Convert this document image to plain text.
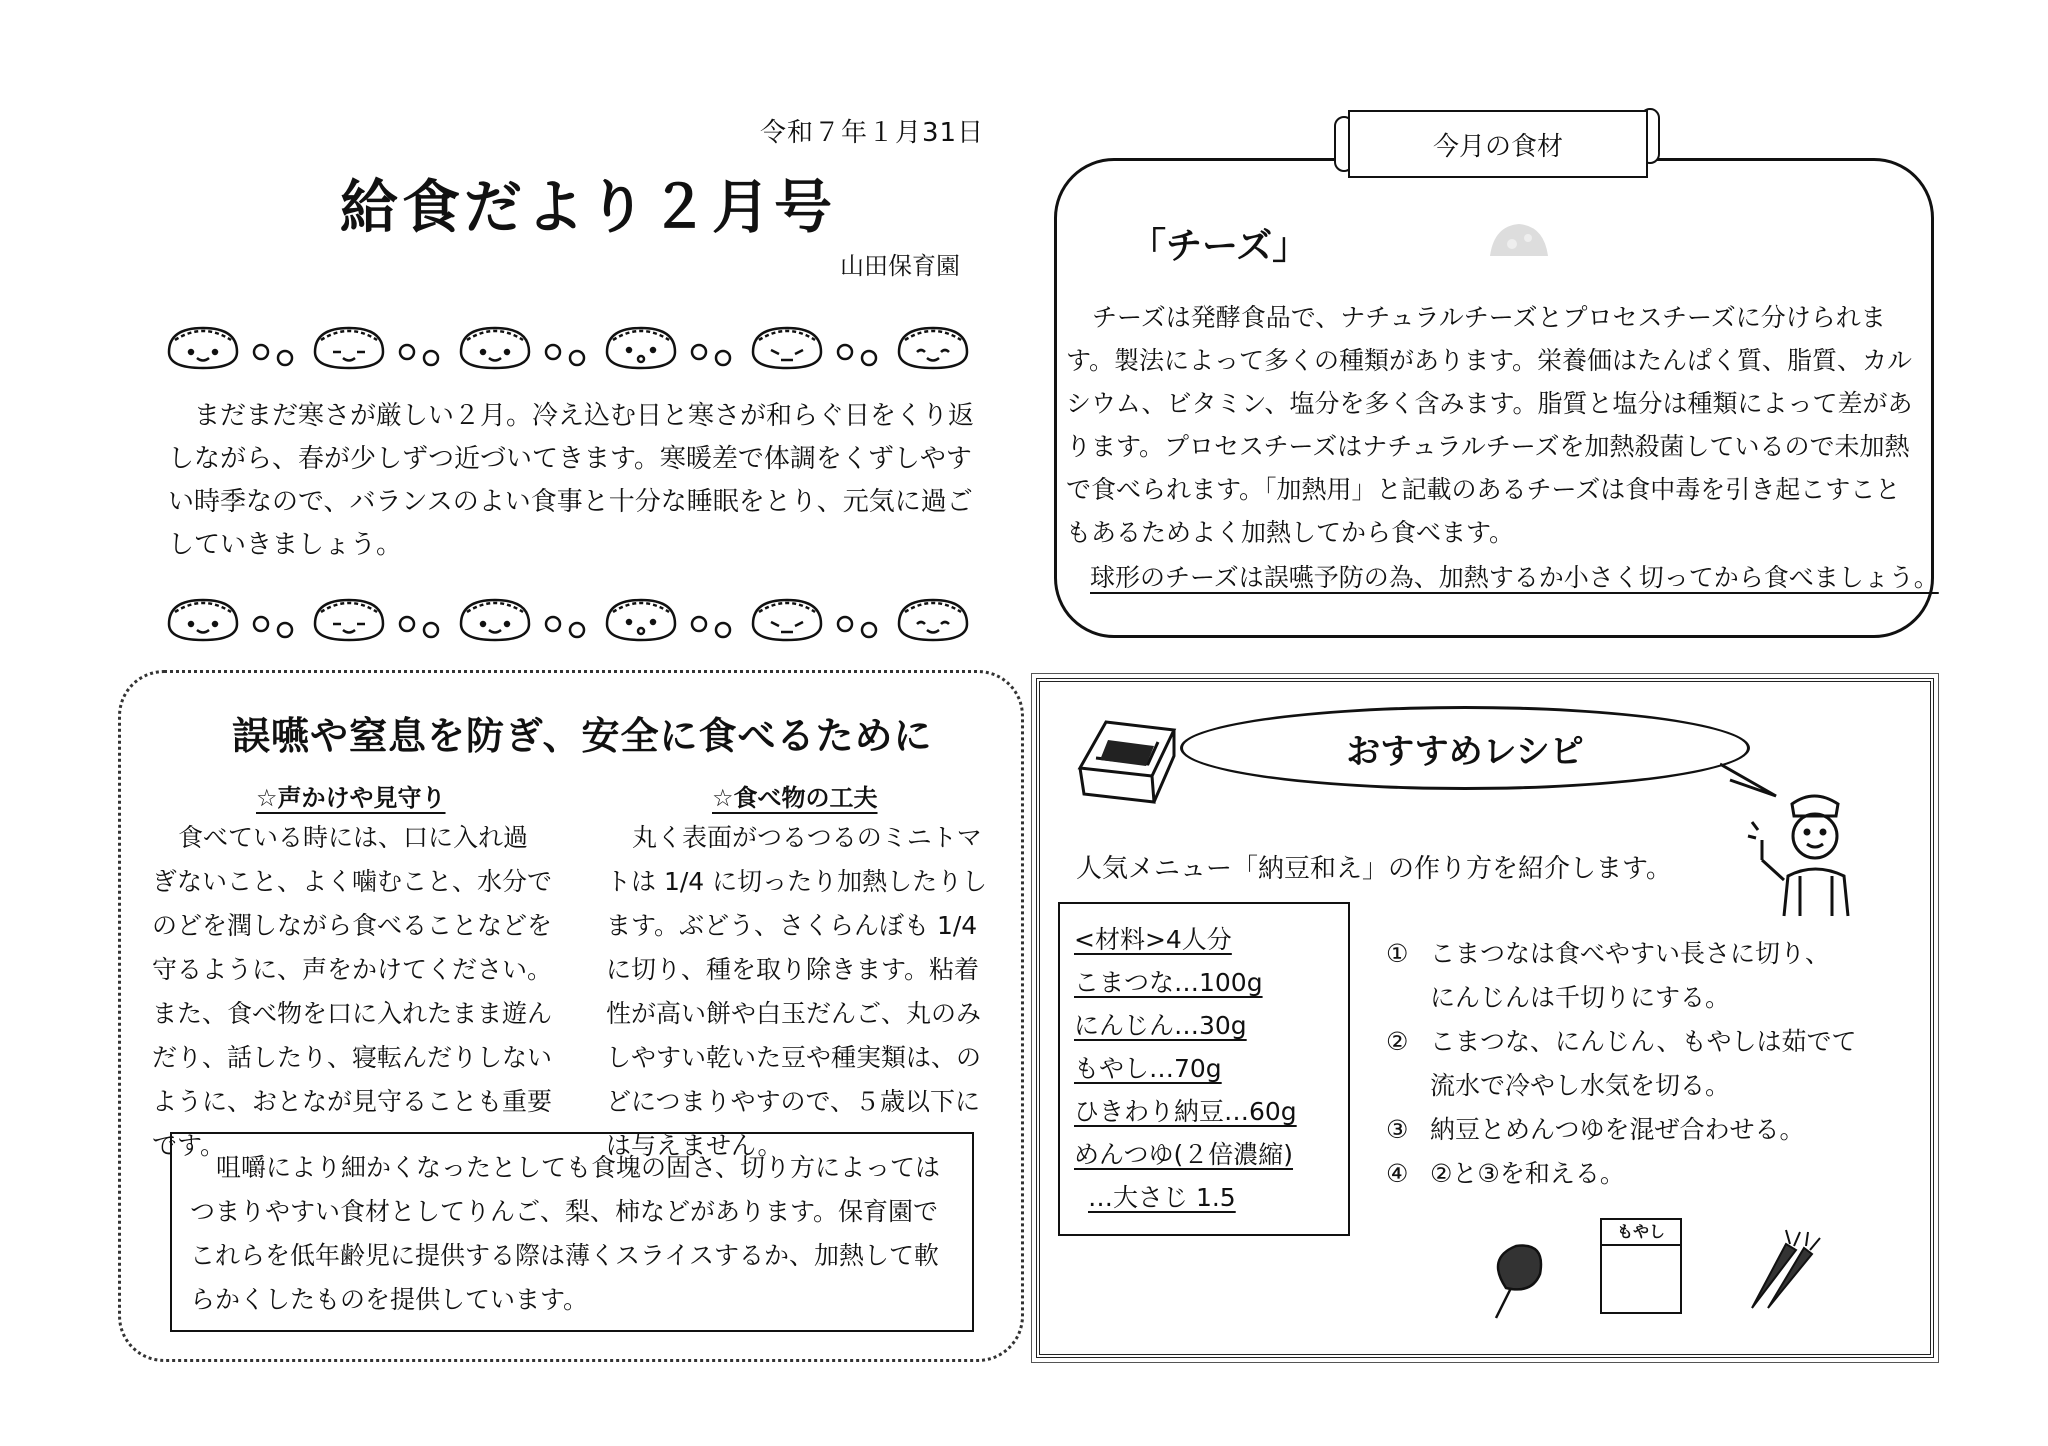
令和７年１月31日
給食だより２月号
山田保育園

まだまだ寒さが厳しい２月。冷え込む日と寒さが和らぐ日をくり返しながら、春が少しずつ近づいてきます。寒暖差で体調をくずしやすい時季なので、バランスのよい食事と十分な睡眠をとり、元気に過ごしていきましょう。

今月の食材
「チーズ」

チーズは発酵食品で、ナチュラルチーズとプロセスチーズに分けられます。製法によって多くの種類があります。栄養価はたんぱく質、脂質、カルシウム、ビタミン、塩分を多く含みます。脂質と塩分は種類によって差があります。プロセスチーズはナチュラルチーズを加熱殺菌しているので未加熱で食べられます。「加熱用」と記載のあるチーズは食中毒を引き起こすこともあるためよく加熱してから食べます。

球形のチーズは誤嚥予防の為、加熱するか小さく切ってから食べましょう。
誤嚥や窒息を防ぎ、安全に食べるために
☆声かけや見守り	☆食べ物の工夫

食べている時には、口に入れ過ぎないこと、よく噛むこと、水分でのどを潤しながら食べることなどを守るように、声をかけてください。また、食べ物を口に入れたまま遊んだり、話したり、寝転んだりしないように、おとなが見守ることも重要です。

丸く表面がつるつるのミニトマトは 1/4 に切ったり加熱したりします。ぶどう、さくらんぼも 1/4 に切り、種を取り除きます。粘着性が高い餅や白玉だんご、丸のみしやすい乾いた豆や種実類は、のどにつまりやすので、５歳以下には与えません。

咀嚼により細かくなったとしても食塊の固さ、切り方によってはつまりやすい食材としてりんご、梨、柿などがあります。保育園でこれらを低年齢児に提供する際は薄くスライスするか、加熱して軟らかくしたものを提供しています。

おすすめレシピ
人気メニュー「納豆和え」の作り方を紹介します。
<材料>4人分
こまつな…100g
にんじん…30g
もやし…70g
ひきわり納豆…60g
めんつゆ(２倍濃縮)
…大さじ 1.5
① こまつなは食べやすい長さに切り、
にんじんは千切りにする。
② こまつな、にんじん、もやしは茹でて
流水で冷やし水気を切る。
③ 納豆とめんつゆを混ぜ合わせる。
④ ②と③を和える。
もやし
